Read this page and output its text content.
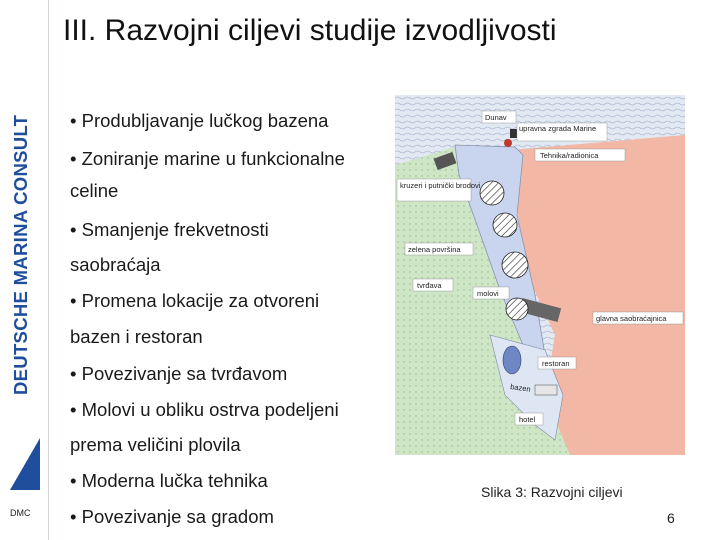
DEUTSCHE MARINA CONSULT
DMC
III. Razvojni ciljevi studije izvodljivosti
• Produbljavanje lučkog bazena
• Zoniranje marine u funkcionalne
celine
• Smanjenje frekvetnosti
saobraćaja
• Promena lokacije za otvoreni
bazen i restoran
• Povezivanje sa tvrđavom
• Molovi u obliku ostrva podeljeni
prema veličini plovila
• Moderna lučka tehnika
• Povezivanje sa gradom
Dunav
upravna zgrada Marine
Tehnika/radionica
kruzeri i putnički brodovi
zelena površina
tvrđava
molovi
glavna saobraćajnica
restoran
bazen
hotel
Slika 3: Razvojni ciljevi
6
